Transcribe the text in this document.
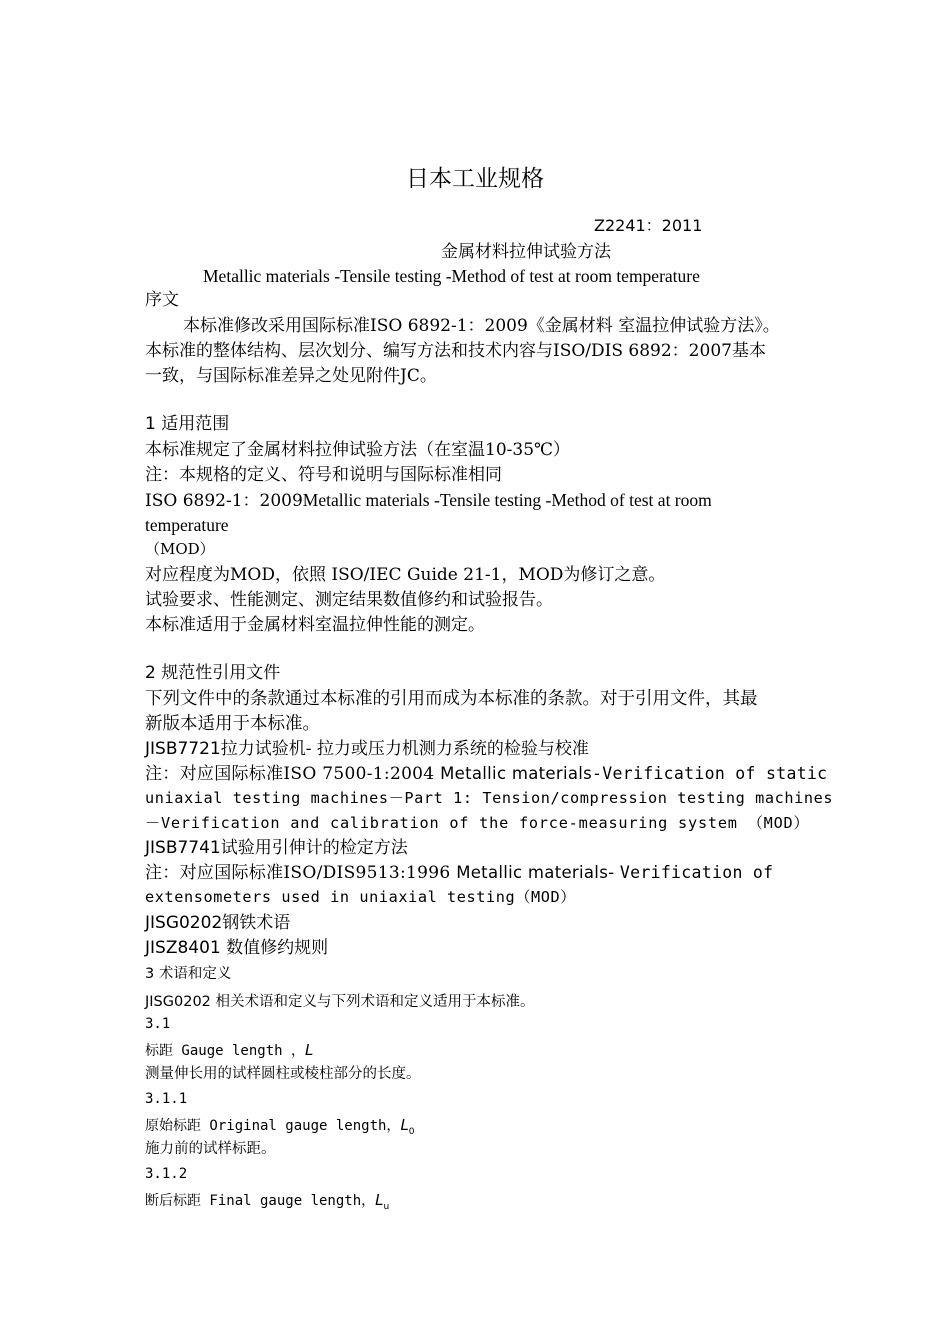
日本工业规格
Z2241：2011
金属材料拉伸试验方法
Metallic materials -Tensile testing -Method of test at room temperature
序文
本标准修改采用国际标准ISO 6892-1：2009《金属材料 室温拉伸试验方法》。
本标准的整体结构、层次划分、编写方法和技术内容与ISO/DIS 6892：2007基本
一致，与国际标准差异之处见附件JC。
1 适用范围
本标准规定了金属材料拉伸试验方法（在室温10-35℃）
注：本规格的定义、符号和说明与国际标准相同
ISO 6892-1：2009Metallic materials -Tensile testing -Method of test at room
temperature
（MOD）
对应程度为MOD，依照 ISO/IEC Guide 21-1，MOD为修订之意。
试验要求、性能测定、测定结果数值修约和试验报告。
本标准适用于金属材料室温拉伸性能的测定。
2 规范性引用文件
下列文件中的条款通过本标准的引用而成为本标准的条款。对于引用文件，其最
新版本适用于本标准。
JISB7721拉力试验机- 拉力或压力机测力系统的检验与校准
注：对应国际标准ISO 7500-1:2004 Metallic materials-Verification of static
uniaxial testing machines－Part 1: Tension/compression testing machines
－Verification and calibration of the force-measuring system （MOD）
JISB7741试验用引伸计的检定方法
注：对应国际标准ISO/DIS9513:1996 Metallic materials- Verification of
extensometers used in uniaxial testing（MOD）
JISG0202钢铁术语
JISZ8401 数值修约规则
3 术语和定义
JISG0202 相关术语和定义与下列术语和定义适用于本标准。
3.1
标距 Gauge length ，L
测量伸长用的试样圆柱或棱柱部分的长度。
3.1.1
原始标距 Original gauge length，$L_0$
施力前的试样标距。
3.1.2
断后标距 Final gauge length，$L_u$
